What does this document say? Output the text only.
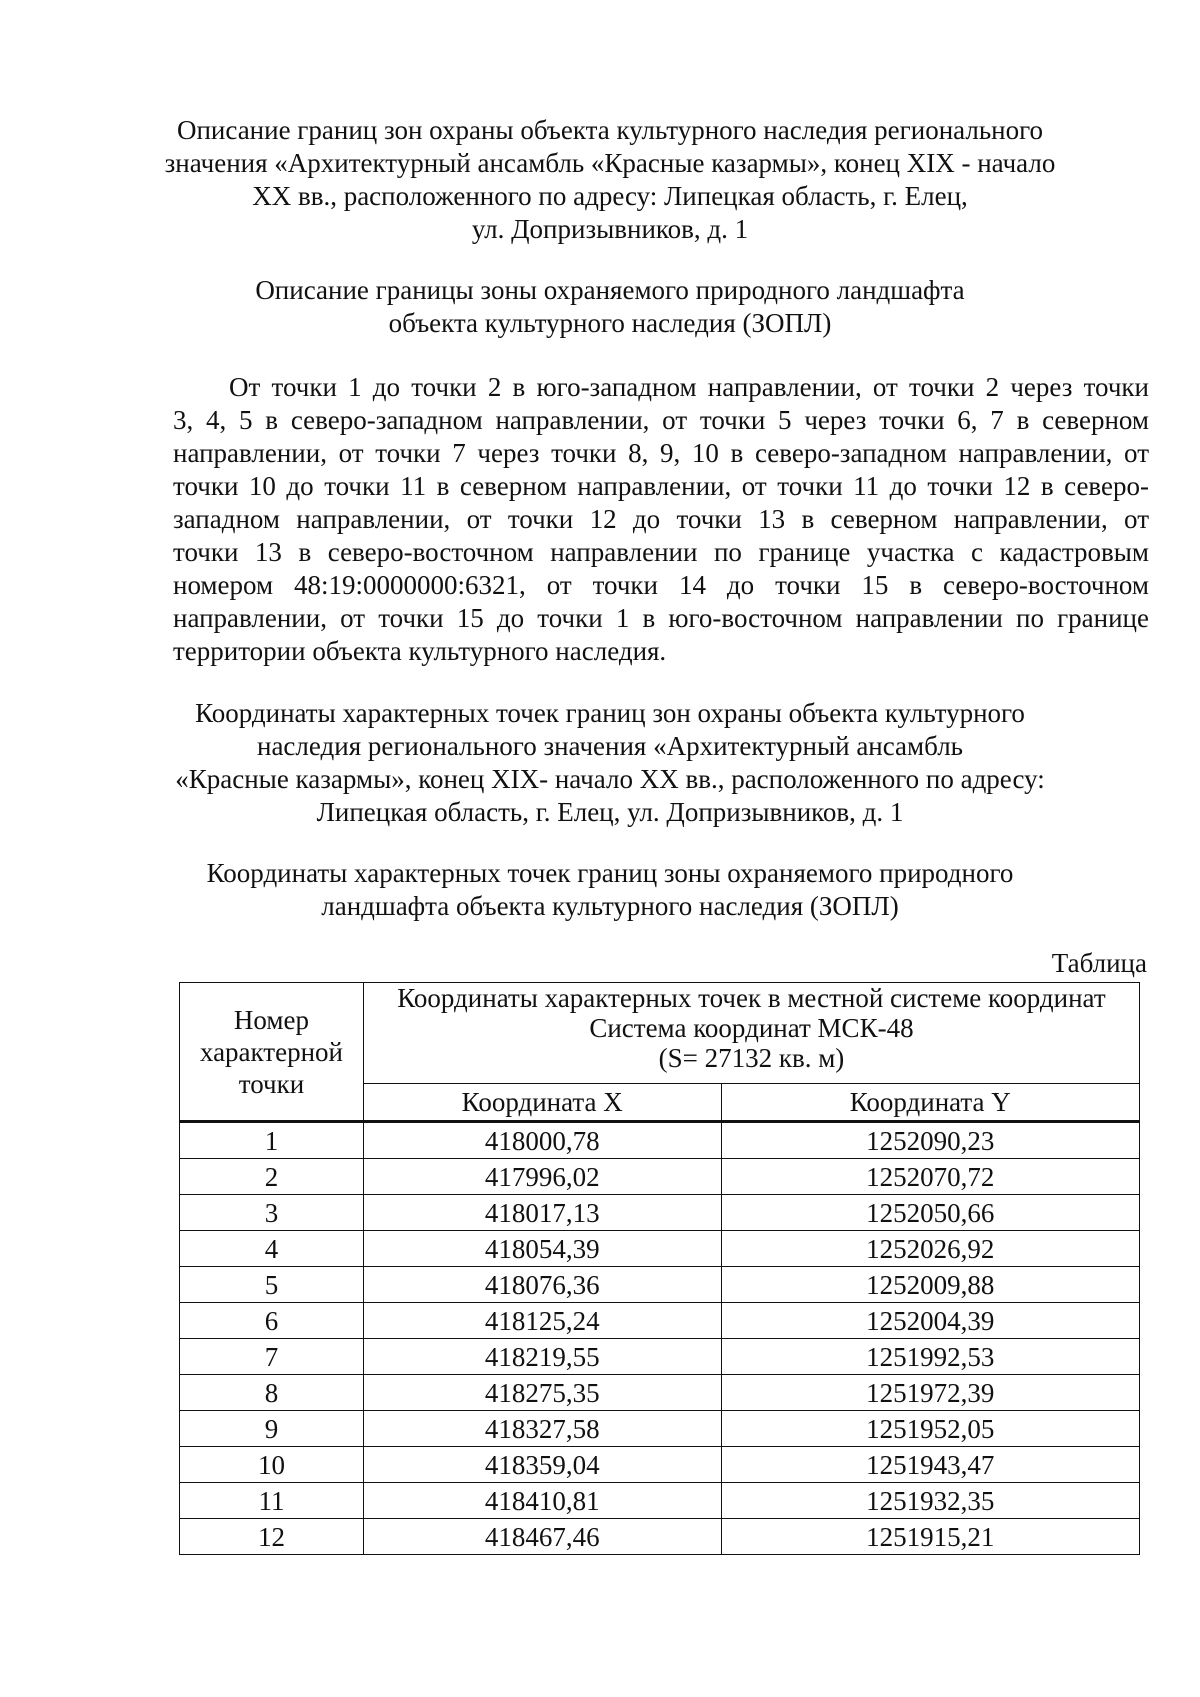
Описание границ зон охраны объекта культурного наследия регионального
значения «Архитектурный ансамбль «Красные казармы», конец XIX - начало
XX вв., расположенного по адресу: Липецкая область, г. Елец,
ул. Допризывников, д. 1
Описание границы зоны охраняемого природного ландшафта
объекта культурного наследия (ЗОПЛ)
От точки 1 до точки 2 в юго-западном направлении, от точки 2 через точки
3, 4, 5 в северо-западном направлении, от точки 5 через точки 6, 7 в северном
направлении, от точки 7 через точки 8, 9, 10 в северо-западном направлении, от
точки 10 до точки 11 в северном направлении, от точки 11 до точки 12 в северо-
западном направлении, от точки 12 до точки 13 в северном направлении, от
точки 13 в северо-восточном направлении по границе участка с кадастровым
номером 48:19:0000000:6321, от точки 14 до точки 15 в северо-восточном
направлении, от точки 15 до точки 1 в юго-восточном направлении по границе
территории объекта культурного наследия.
Координаты характерных точек границ зон охраны объекта культурного
наследия регионального значения «Архитектурный ансамбль
«Красные казармы», конец XIX- начало XX вв., расположенного по адресу:
Липецкая область, г. Елец, ул. Допризывников, д. 1
Координаты характерных точек границ зоны охраняемого природного
ландшафта объекта культурного наследия (ЗОПЛ)
Таблица
Номер
характерной
точки	Координаты характерных точек в местной системе координат
Система координат МСК-48
(S= 27132 кв. м)	

	Координата X	Координата Y
1	418000,78	1252090,23
2	417996,02	1252070,72
3	418017,13	1252050,66
4	418054,39	1252026,92
5	418076,36	1252009,88
6	418125,24	1252004,39
7	418219,55	1251992,53
8	418275,35	1251972,39
9	418327,58	1251952,05
10	418359,04	1251943,47
11	418410,81	1251932,35
12	418467,46	1251915,21
